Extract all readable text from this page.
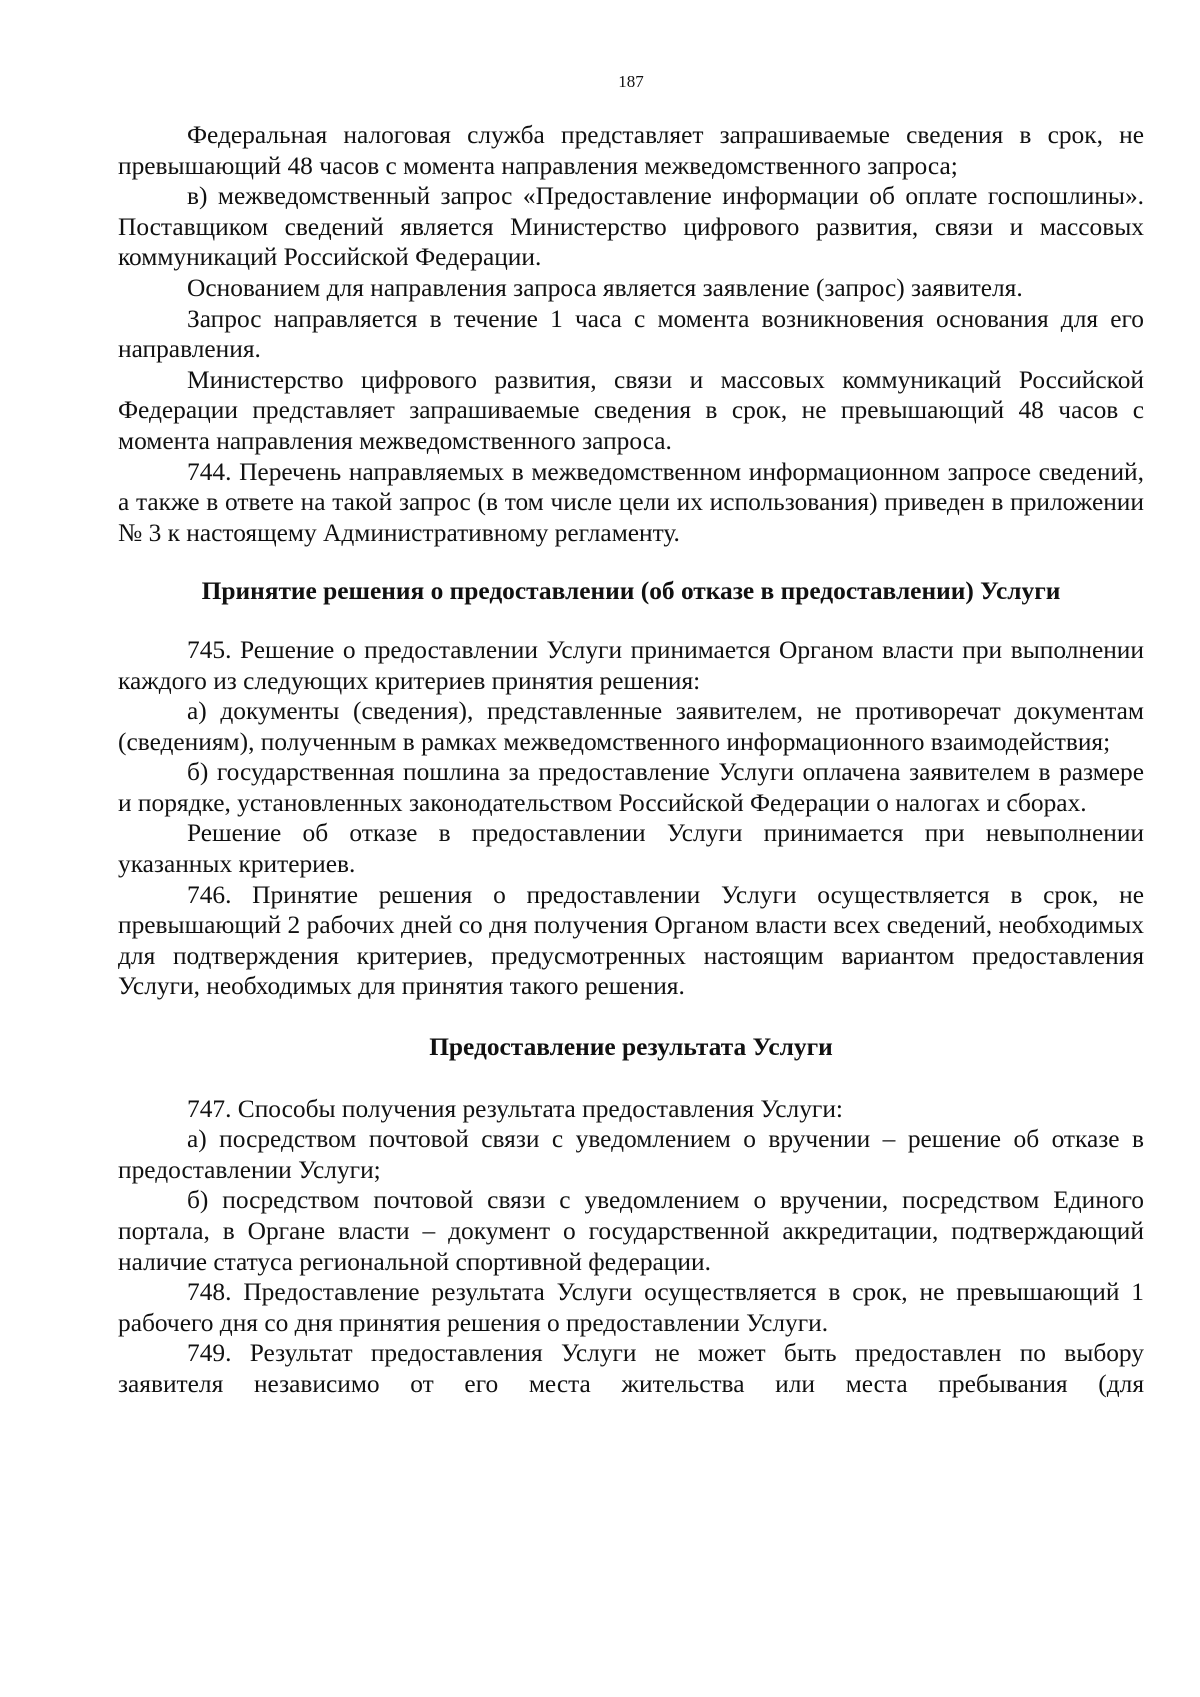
187

Федеральная налоговая служба представляет запрашиваемые сведения в срок, не превышающий 48 часов с момента направления межведомственного запроса;

в) межведомственный запрос «Предоставление информации об оплате госпошлины». Поставщиком сведений является Министерство цифрового развития, связи и массовых коммуникаций Российской Федерации.

Основанием для направления запроса является заявление (запрос) заявителя.

Запрос направляется в течение 1 часа с момента возникновения основания для его направления.

Министерство цифрового развития, связи и массовых коммуникаций Российской Федерации представляет запрашиваемые сведения в срок, не превышающий 48 часов с момента направления межведомственного запроса.

744. Перечень направляемых в межведомственном информационном запросе сведений, а также в ответе на такой запрос (в том числе цели их использования) приведен в приложении № 3 к настоящему Административному регламенту.

Принятие решения о предоставлении (об отказе в предоставлении) Услуги

745. Решение о предоставлении Услуги принимается Органом власти при выполнении каждого из следующих критериев принятия решения:

а) документы (сведения), представленные заявителем, не противоречат документам (сведениям), полученным в рамках межведомственного информационного взаимодействия;

б) государственная пошлина за предоставление Услуги оплачена заявителем в размере и порядке, установленных законодательством Российской Федерации о налогах и сборах.

Решение об отказе в предоставлении Услуги принимается при невыполнении указанных критериев.

746. Принятие решения о предоставлении Услуги осуществляется в срок, не превышающий 2 рабочих дней со дня получения Органом власти всех сведений, необходимых для подтверждения критериев, предусмотренных настоящим вариантом предоставления Услуги, необходимых для принятия такого решения.

Предоставление результата Услуги

747. Способы получения результата предоставления Услуги:

а) посредством почтовой связи с уведомлением о вручении – решение об отказе в предоставлении Услуги;

б) посредством почтовой связи с уведомлением о вручении, посредством Единого портала, в Органе власти – документ о государственной аккредитации, подтверждающий наличие статуса региональной спортивной федерации.

748. Предоставление результата Услуги осуществляется в срок, не превышающий 1 рабочего дня со дня принятия решения о предоставлении Услуги.

749. Результат предоставления Услуги не может быть предоставлен по выбору заявителя независимо от его места жительства или места пребывания (для
